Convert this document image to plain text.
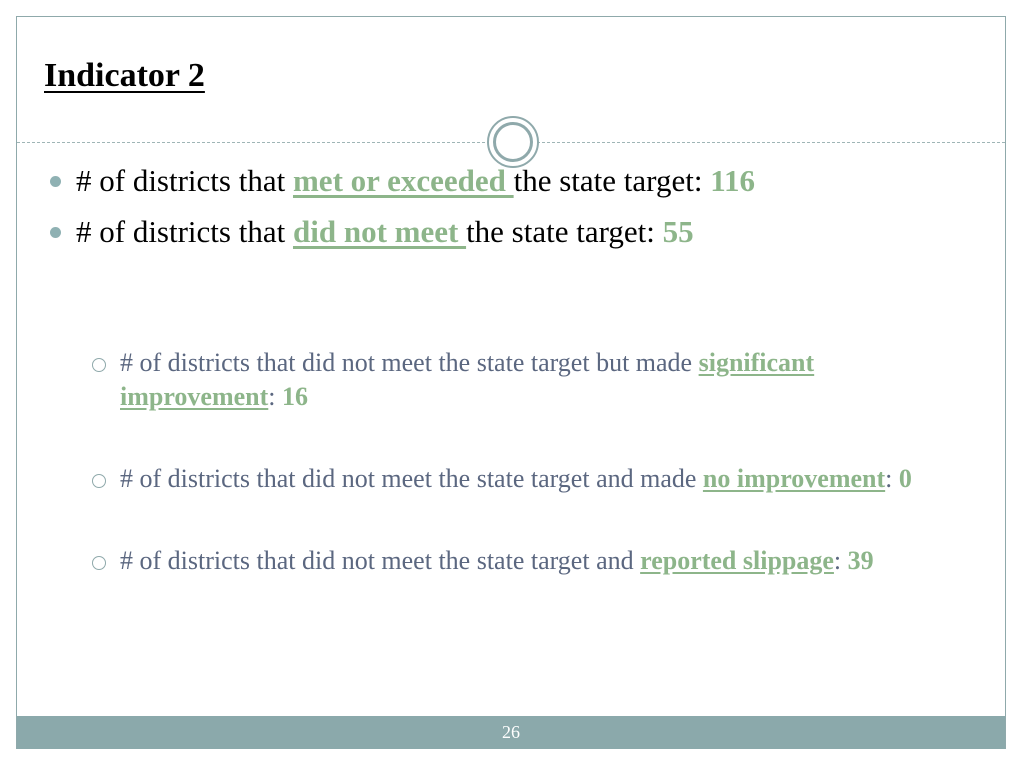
Indicator 2
# of districts that met or exceeded the state target: 116
# of districts that did not meet the state target: 55
# of districts that did not meet the state target but made significant improvement: 16
# of districts that did not meet the state target and made no improvement: 0
# of districts that did not meet the state target and reported slippage: 39
26
